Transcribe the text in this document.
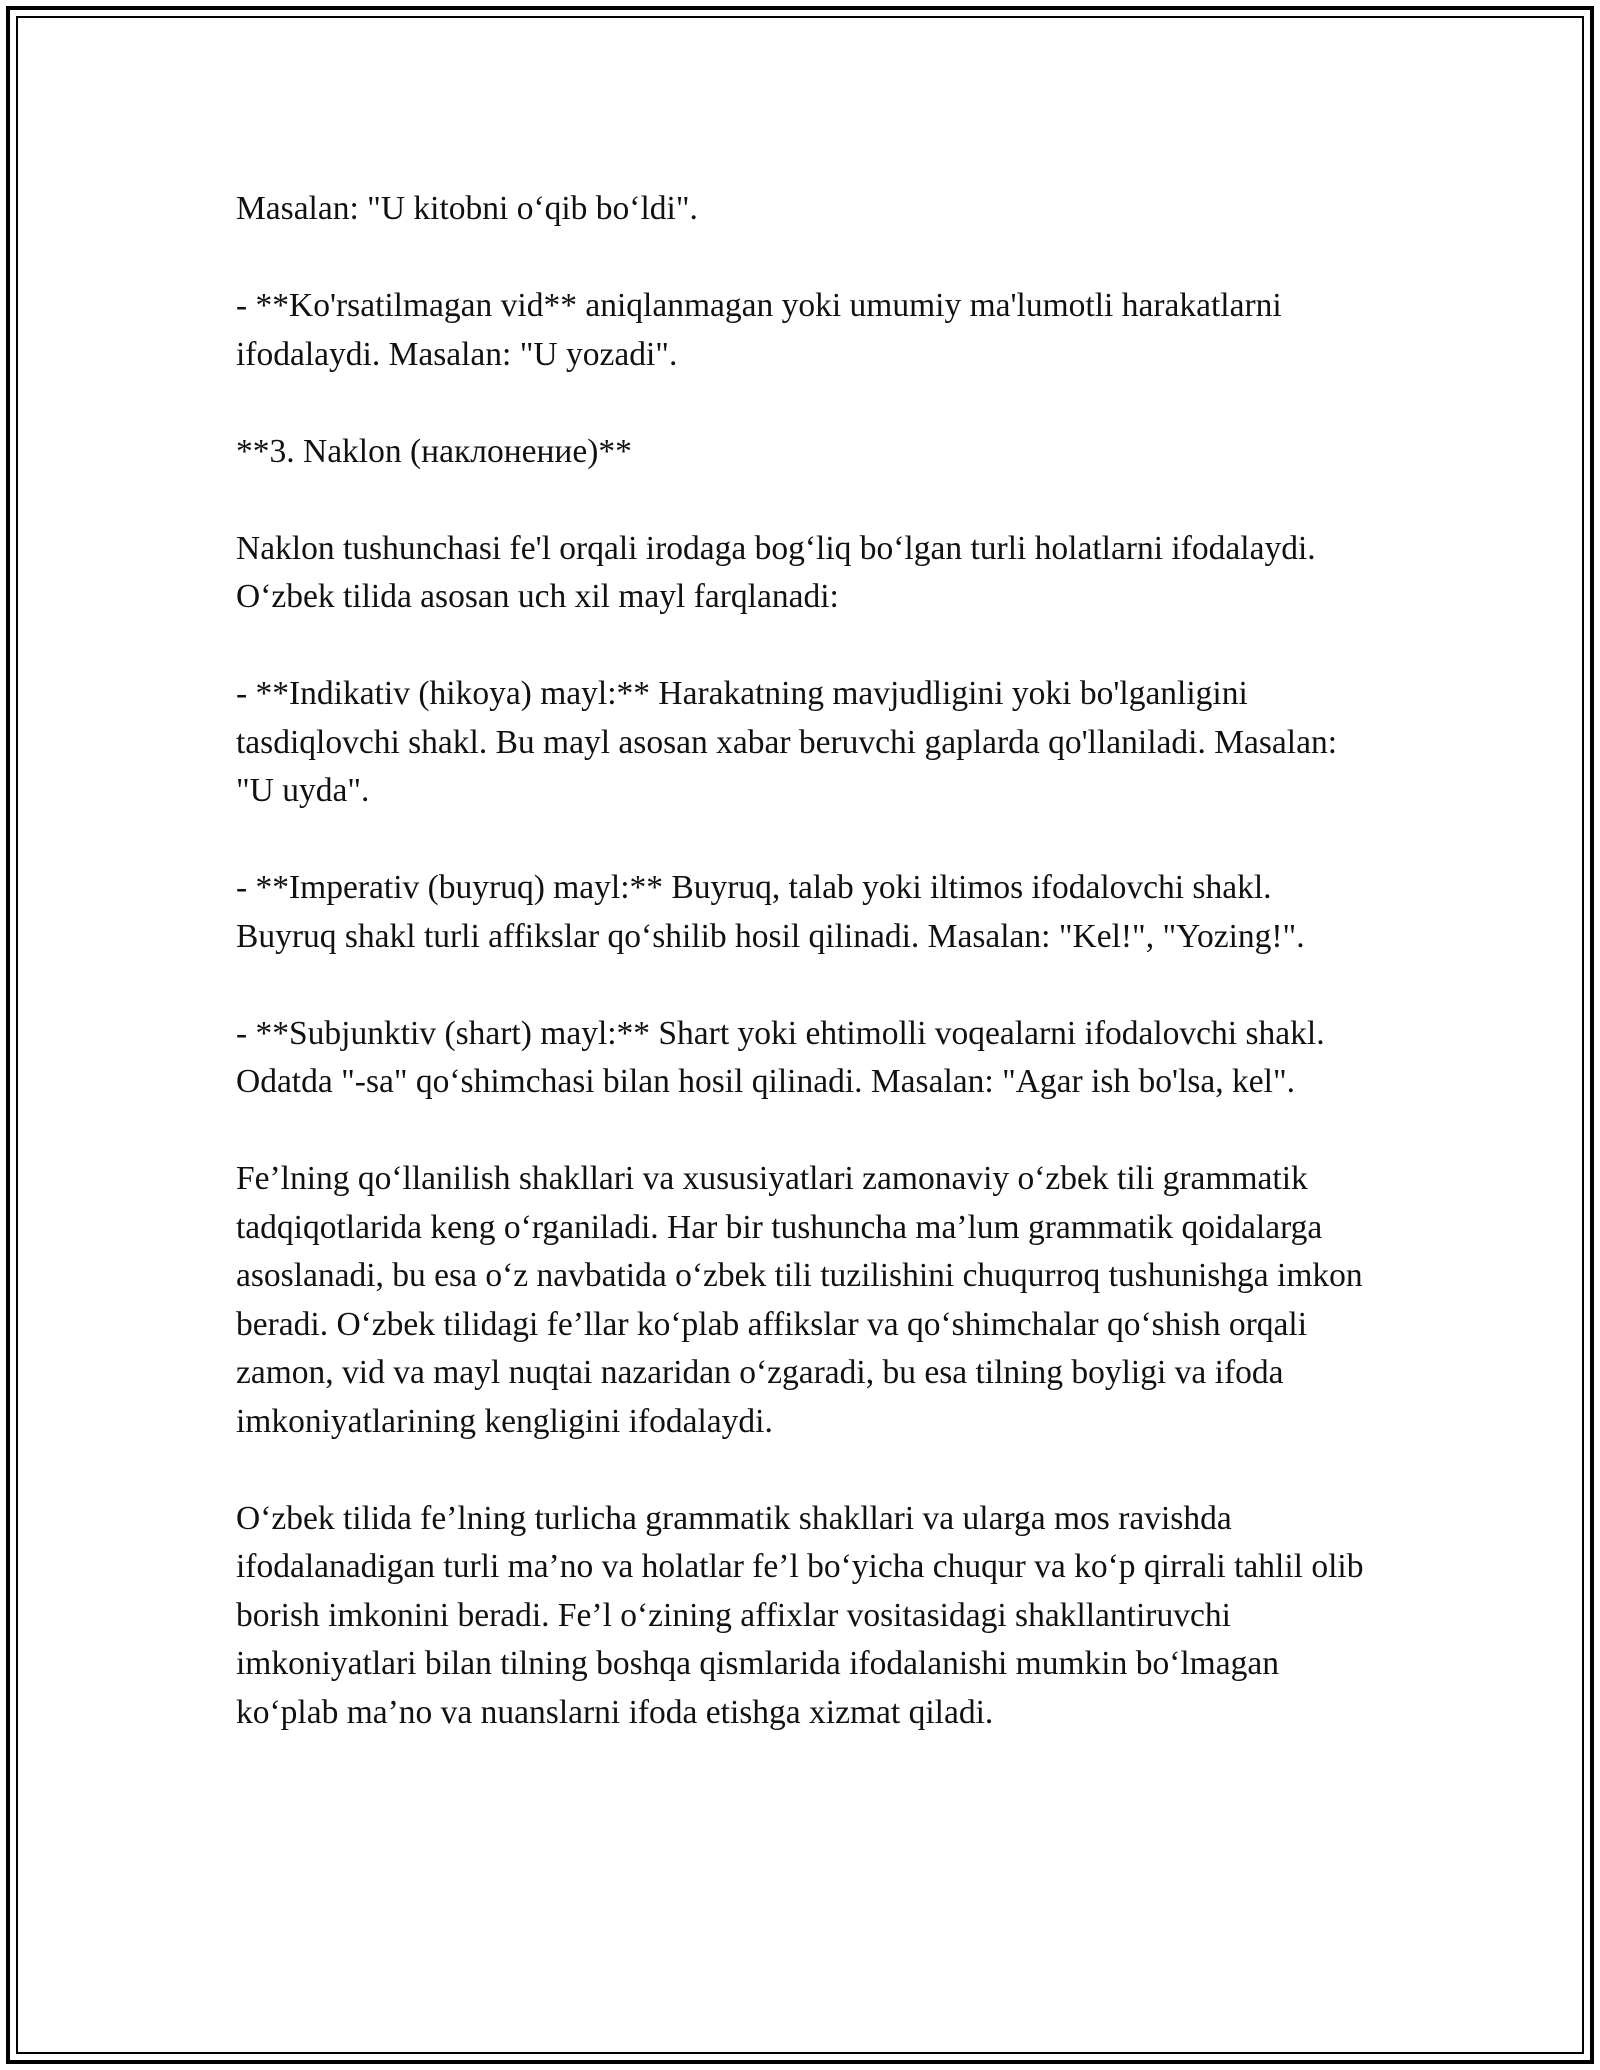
Masalan: "U kitobni o‘qib bo‘ldi".

- **Ko'rsatilmagan vid** aniqlanmagan yoki umumiy ma'lumotli harakatlarni ifodalaydi. Masalan: "U yozadi".

**3. Naklon (наклонение)**

Naklon tushunchasi fe'l orqali irodaga bog‘liq bo‘lgan turli holatlarni ifodalaydi. O‘zbek tilida asosan uch xil mayl farqlanadi:

- **Indikativ (hikoya) mayl:** Harakatning mavjudligini yoki bo'lganligini tasdiqlovchi shakl. Bu mayl asosan xabar beruvchi gaplarda qo'llaniladi. Masalan: "U uyda".

- **Imperativ (buyruq) mayl:** Buyruq, talab yoki iltimos ifodalovchi shakl. Buyruq shakl turli affikslar qo‘shilib hosil qilinadi. Masalan: "Kel!", "Yozing!".

- **Subjunktiv (shart) mayl:** Shart yoki ehtimolli voqealarni ifodalovchi shakl. Odatda "-sa" qo‘shimchasi bilan hosil qilinadi. Masalan: "Agar ish bo'lsa, kel".

Fe’lning qo‘llanilish shakllari va xususiyatlari zamonaviy o‘zbek tili grammatik tadqiqotlarida keng o‘rganiladi. Har bir tushuncha ma’lum grammatik qoidalarga asoslanadi, bu esa o‘z navbatida o‘zbek tili tuzilishini chuqurroq tushunishga imkon beradi. O‘zbek tilidagi fe’llar ko‘plab affikslar va qo‘shimchalar qo‘shish orqali zamon, vid va mayl nuqtai nazaridan o‘zgaradi, bu esa tilning boyligi va ifoda imkoniyatlarining kengligini ifodalaydi.

O‘zbek tilida fe’lning turlicha grammatik shakllari va ularga mos ravishda ifodalanadigan turli ma’no va holatlar fe’l bo‘yicha chuqur va ko‘p qirrali tahlil olib borish imkonini beradi. Fe’l o‘zining affixlar vositasidagi shakllantiruvchi imkoniyatlari bilan tilning boshqa qismlarida ifodalanishi mumkin bo‘lmagan ko‘plab ma’no va nuanslarni ifoda etishga xizmat qiladi.
